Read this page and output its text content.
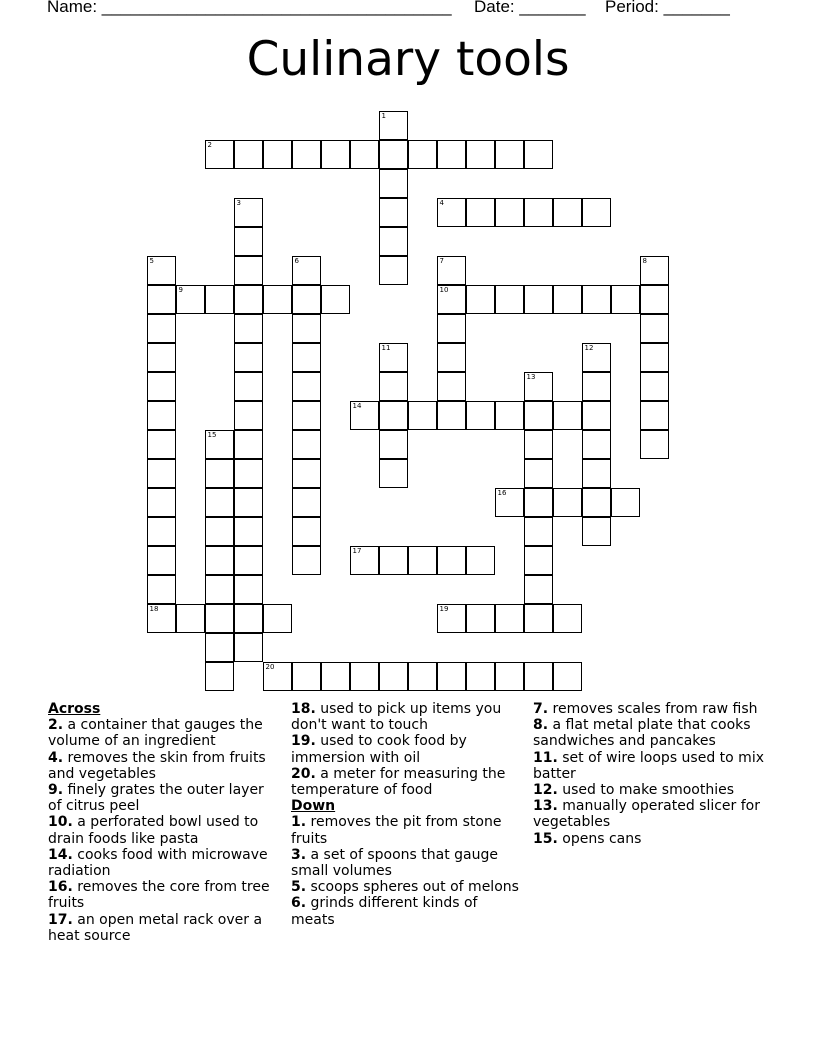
Name: _____________________________________ Date: _______ Period: _______
Culinary tools
1
2
3	4
5	6	7
10
8
9
11	12
13
14
15
16
17
18	19
20
Across
2. a container that gauges the volume of an ingredient
4. removes the skin from fruits and vegetables
9. finely grates the outer layer of citrus peel
10. a perforated bowl used to drain foods like pasta
14. cooks food with microwave radiation
16. removes the core from tree fruits
17. an open metal rack over a heat source
18. used to pick up items you don't want to touch
19. used to cook food by immersion with oil
20. a meter for measuring the temperature of food
Down
1. removes the pit from stone fruits
3. a set of spoons that gauge small volumes
5. scoops spheres out of melons
6. grinds different kinds of meats
7. removes scales from raw fish
8. a flat metal plate that cooks sandwiches and pancakes
11. set of wire loops used to mix batter
12. used to make smoothies
13. manually operated slicer for vegetables
15. opens cans
